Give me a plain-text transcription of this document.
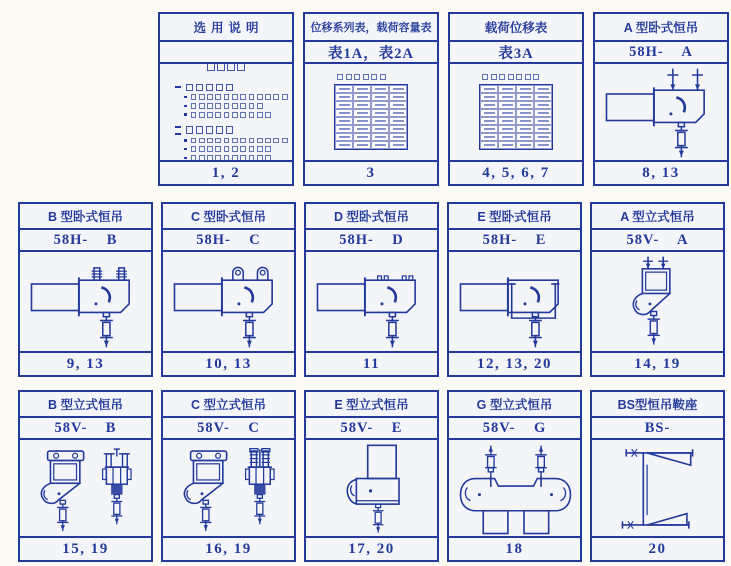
选用说明
1, 2
位移系列表，载荷容量表
表1A，表2A
3
载荷位移表
表3A
4, 5, 6, 7
A 型卧式恒吊
58H-    A
8, 13
B 型卧式恒吊
58H-    B
9, 13
C 型卧式恒吊
58H-    C
10, 13
D 型卧式恒吊
58H-    D
11
E 型卧式恒吊
58H-    E
12, 13, 20
A 型立式恒吊
58V-    A
14, 19
B 型立式恒吊
58V-    B
15, 19
C 型立式恒吊
58V-    C
16, 19
E 型立式恒吊
58V-    E
17, 20
G 型立式恒吊
58V-    G
18
BS型恒吊鞍座
BS-
20
